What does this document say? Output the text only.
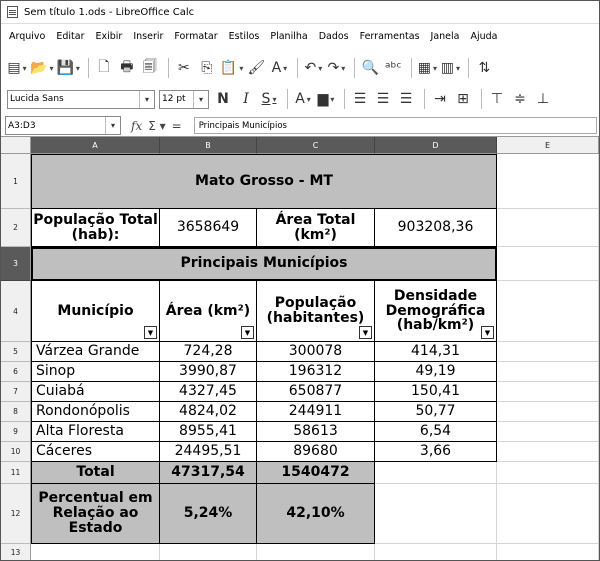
Sem título 1.ods - LibreOffice Calc
Arquivo Editar Exibir Inserir Formatar Estilos Planilha Dados Ferramentas Janela Ajuda
▤ ▾ 📂 ▾ 💾 ▾	🗋 🖶 🗐 ✂ ⎘ 📋 ▾ 🖌 A ▾	↶ ▾ ↷ ▾	🔍 ᵃᵇᶜ ▦ ▾ ▥ ▾	⇅
Lucida Sans	▾	12 pt	▾	N	I S ▾	A ▾ ▆ ▾	☰ ☰ ☰ ⇥ ⊞ ⊤ ≑ ⊥
A3:D3	▾	fx Σ ▾ =	Principais Municípios
A	B	C	D	E
1
2
3
4
5
6
7
8
9
10
11
12
13
Mato Grosso - MT
População Total (hab):	3658649	Área Total (km²)	903208,36
Principais Municípios
Município	Área (km²)	População (habitantes)
Densidade Demográfica (hab/km²)
▼	▼	▼	▼
Várzea Grande	724,28	300078	414,31
Sinop	3990,87	196312	49,19
Cuiabá	4327,45	650877	150,41
Rondonópolis	4824,02	244911	50,77
Alta Floresta	8955,41	58613	6,54
Cáceres	24495,51	89680	3,66
Total	47317,54	1540472
Percentual em Relação ao Estado
5,24%	42,10%
